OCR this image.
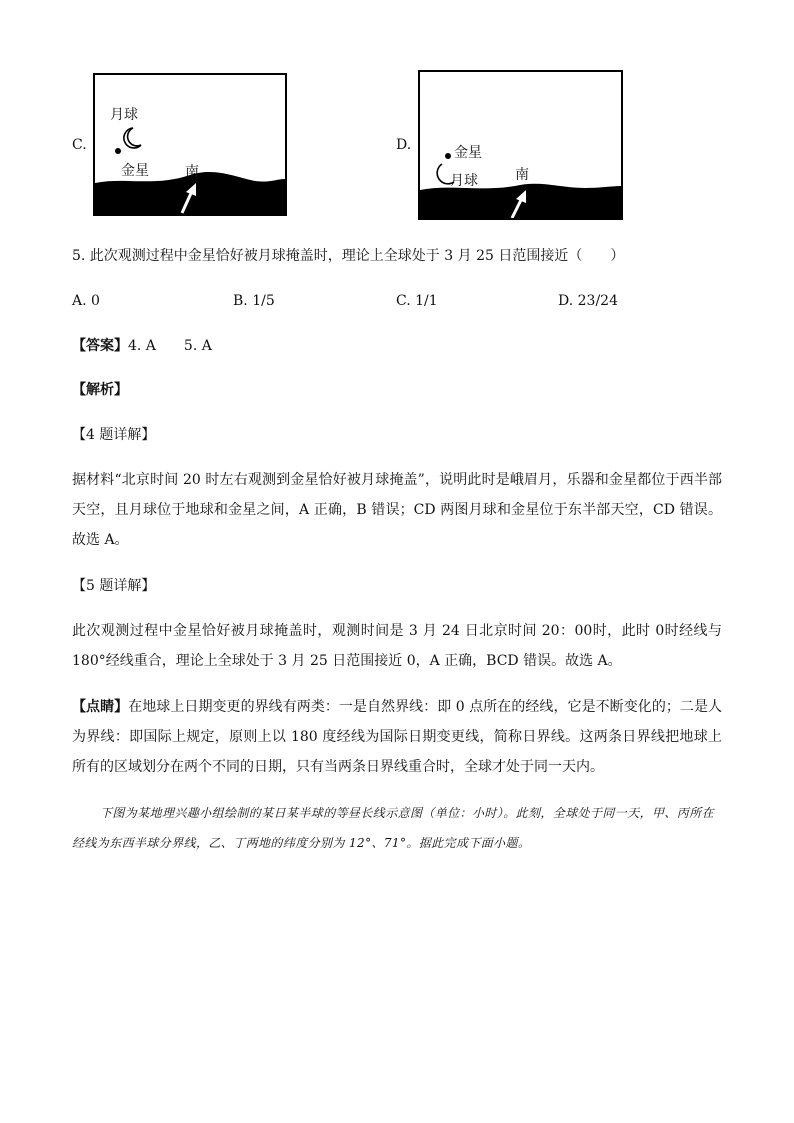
C.
月球
金星	南
D.	金星
月球	南
5. 此次观测过程中金星恰好被月球掩盖时，理论上全球处于 3 月 25 日范围接近（　　）
A. 0	B. 1/5	C. 1/1	D. 23/24
【答案】4. A　　5. A
【解析】
【4 题详解】
据材料“北京时间 20 时左右观测到金星恰好被月球掩盖”，说明此时是峨眉月，乐器和金星都位于西半部天空，且月球位于地球和金星之间，A 正确，B 错误；CD 两图月球和金星位于东半部天空，CD 错误。故选 A。
【5 题详解】
此次观测过程中金星恰好被月球掩盖时，观测时间是 3 月 24 日北京时间 20：00时，此时 0时经线与 180°经线重合，理论上全球处于 3 月 25 日范围接近 0，A 正确，BCD 错误。故选 A。
【点睛】在地球上日期变更的界线有两类：一是自然界线：即 0 点所在的经线，它是不断变化的；二是人为界线：即国际上规定，原则上以 180 度经线为国际日期变更线，简称日界线。这两条日界线把地球上所有的区域划分在两个不同的日期，只有当两条日界线重合时，全球才处于同一天内。
下图为某地理兴趣小组绘制的某日某半球的等昼长线示意图（单位：小时）。此刻，全球处于同一天，甲、丙所在经线为东西半球分界线，乙、丁两地的纬度分别为 12°、71°。据此完成下面小题。
